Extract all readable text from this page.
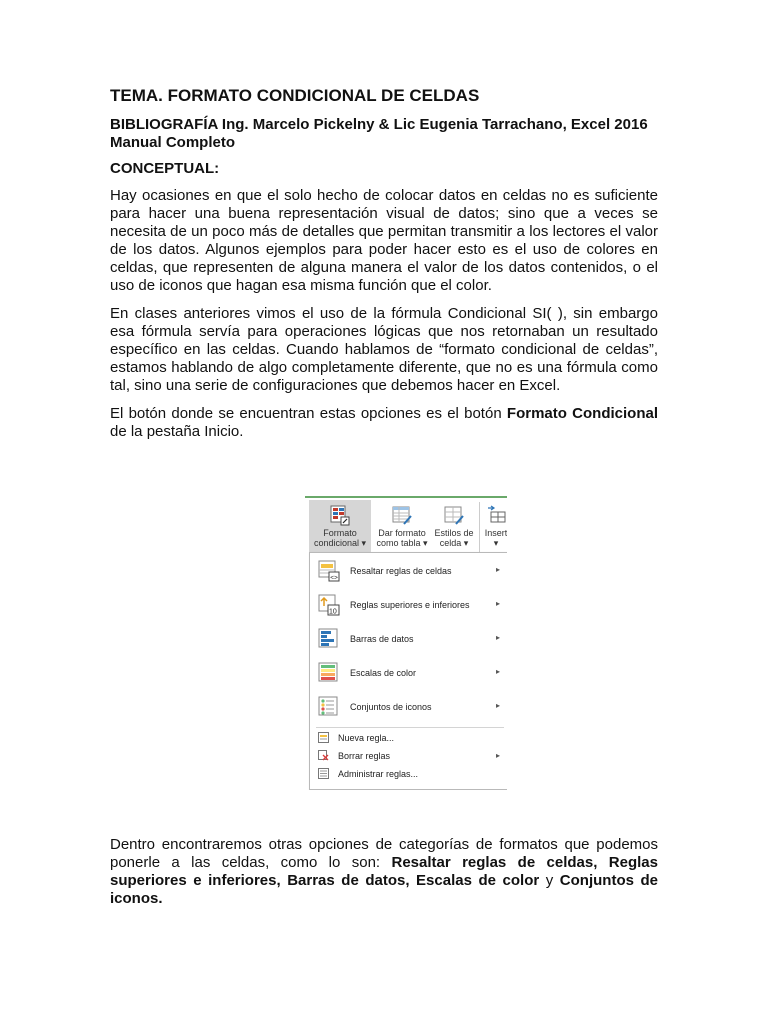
TEMA. FORMATO CONDICIONAL DE CELDAS
BIBLIOGRAFÍA Ing. Marcelo Pickelny & Lic Eugenia Tarrachano, Excel 2016 Manual Completo
CONCEPTUAL:

Hay ocasiones en que el solo hecho de colocar datos en celdas no es suficiente para hacer una buena representación visual de datos; sino que a veces se necesita de un poco más de detalles que permitan transmitir a los lectores el valor de los datos. Algunos ejemplos para poder hacer esto es el uso de colores en celdas, que representen de alguna manera el valor de los datos contenidos, o el uso de iconos que hagan esa misma función que el color.

En clases anteriores vimos el uso de la fórmula Condicional SI( ), sin embargo esa fórmula servía para operaciones lógicas que nos retornaban un resultado específico en las celdas. Cuando hablamos de “formato condicional de celdas”, estamos hablando de algo completamente diferente, que no es una fórmula como tal, sino una serie de configuraciones que debemos hacer en Excel.

El botón donde se encuentran estas opciones es el botón Formato Condicional de la pestaña Inicio.

Formato
condicional ▾
Dar formato
como tabla ▾
Estilos de
celda ▾
Insert
▾
<>
Resaltar reglas de celdas	▸
10
Reglas superiores e inferiores	▸
Barras de datos	▸
Escalas de color	▸
Conjuntos de iconos	▸
Nueva regla...
Borrar reglas	▸
Administrar reglas...

Dentro encontraremos otras opciones de categorías de formatos que podemos ponerle a las celdas, como lo son: Resaltar reglas de celdas, Reglas superiores e inferiores, Barras de datos, Escalas de color y Conjuntos de iconos.
